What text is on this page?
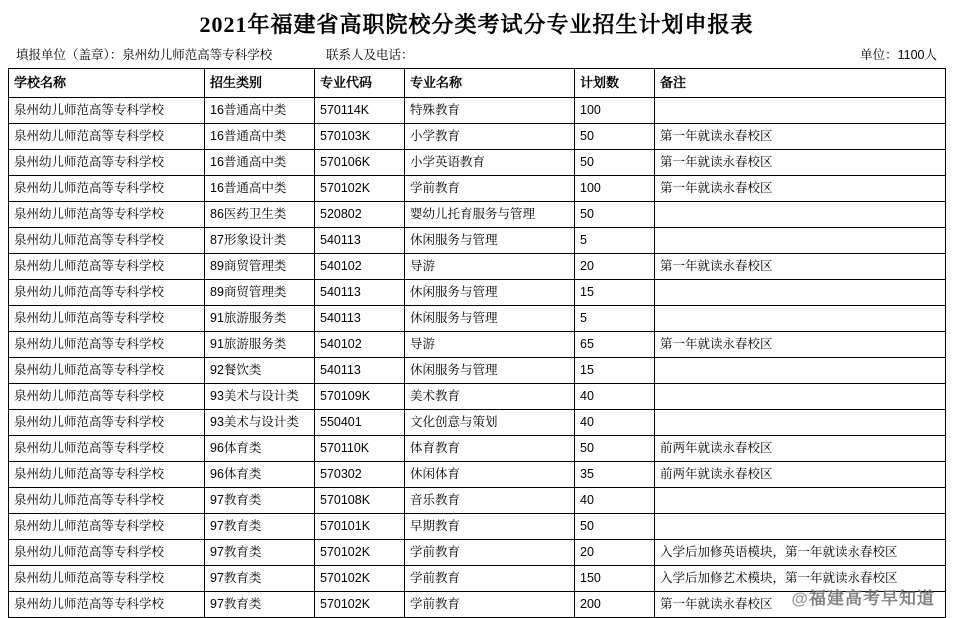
2021年福建省高职院校分类考试分专业招生计划申报表
填报单位（盖章）：泉州幼儿师范高等专科学校	联系人及电话：	单位：1100人
学校名称	招生类别	专业代码	专业名称	计划数	备注
泉州幼儿师范高等专科学校	16普通高中类	570114K	特殊教育	100	
泉州幼儿师范高等专科学校	16普通高中类	570103K	小学教育	50	第一年就读永春校区
泉州幼儿师范高等专科学校	16普通高中类	570106K	小学英语教育	50	第一年就读永春校区
泉州幼儿师范高等专科学校	16普通高中类	570102K	学前教育	100	第一年就读永春校区
泉州幼儿师范高等专科学校	86医药卫生类	520802	婴幼儿托育服务与管理	50	
泉州幼儿师范高等专科学校	87形象设计类	540113	休闲服务与管理	5	
泉州幼儿师范高等专科学校	89商贸管理类	540102	导游	20	第一年就读永春校区
泉州幼儿师范高等专科学校	89商贸管理类	540113	休闲服务与管理	15	
泉州幼儿师范高等专科学校	91旅游服务类	540113	休闲服务与管理	5	
泉州幼儿师范高等专科学校	91旅游服务类	540102	导游	65	第一年就读永春校区
泉州幼儿师范高等专科学校	92餐饮类	540113	休闲服务与管理	15	
泉州幼儿师范高等专科学校	93美术与设计类	570109K	美术教育	40	
泉州幼儿师范高等专科学校	93美术与设计类	550401	文化创意与策划	40	
泉州幼儿师范高等专科学校	96体育类	570110K	体育教育	50	前两年就读永春校区
泉州幼儿师范高等专科学校	96体育类	570302	休闲体育	35	前两年就读永春校区
泉州幼儿师范高等专科学校	97教育类	570108K	音乐教育	40	
泉州幼儿师范高等专科学校	97教育类	570101K	早期教育	50	
泉州幼儿师范高等专科学校	97教育类	570102K	学前教育	20	入学后加修英语模块，第一年就读永春校区
泉州幼儿师范高等专科学校	97教育类	570102K	学前教育	150	入学后加修艺术模块，第一年就读永春校区
泉州幼儿师范高等专科学校	97教育类	570102K	学前教育	200	第一年就读永春校区 @福建高考早知道
